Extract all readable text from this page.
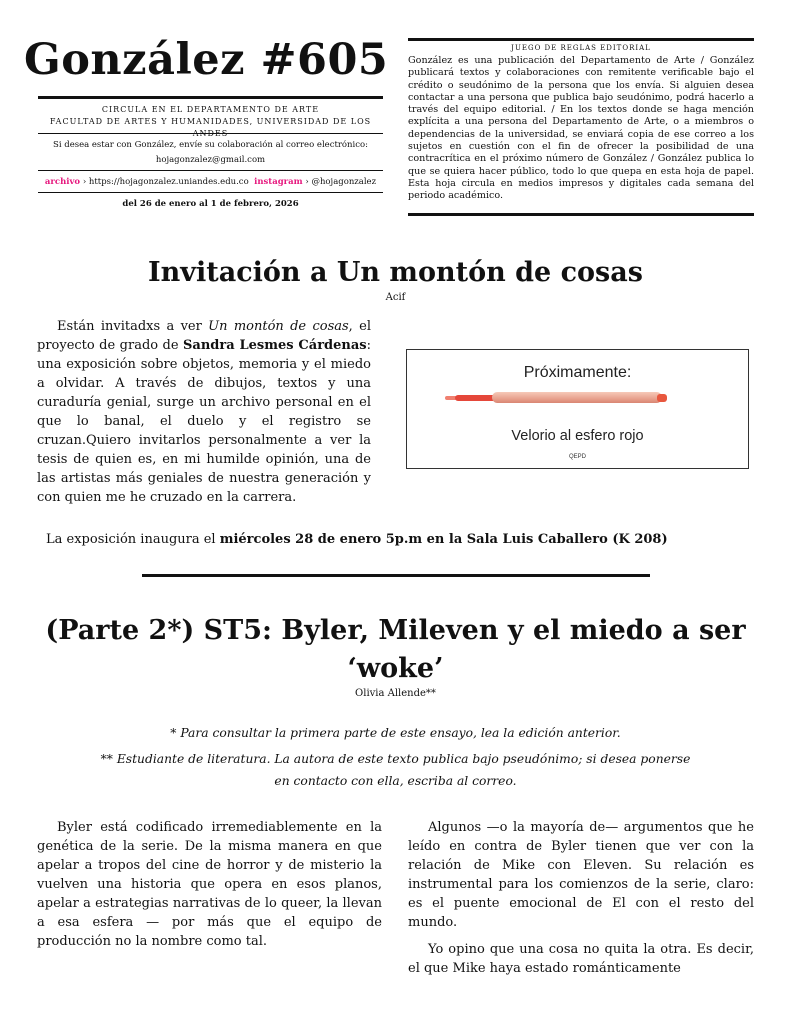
González #605
CIRCULA EN EL DEPARTAMENTO DE ARTE
FACULTAD DE ARTES Y HUMANIDADES, UNIVERSIDAD DE LOS
Si desea estar con González, envíe su colaboración al correo electrónico:
hojagonzalez@gmail.com
archivo › https://hojagonzalez.uniandes.edu.co instagram › @hojagonzalez
del 26 de enero al 1 de febrero, 2026
JUEGO DE REGLAS EDITORIAL
González es una publicación del Departamento de Arte / González publicará textos y colaboraciones con remitente verificable bajo el crédito o seudónimo de la persona que los envía. Si alguien desea contactar a una persona que publica bajo seudónimo, podrá hacerlo a través del equipo editorial. / En los textos donde se haga mención explícita a una persona del Departamento de Arte, o a miembros o dependencias de la universidad, se enviará copia de ese correo a los sujetos en cuestión con el fin de ofrecer la posibilidad de una contracrítica en el próximo número de González / González publica lo que se quiera hacer público, todo lo que quepa en esta hoja de papel. Esta hoja circula en medios impresos y digitales cada semana del periodo académico.
Invitación a Un montón de cosas
Acif

Están invitadxs a ver Un montón de cosas, el proyecto de grado de Sandra Lesmes Cárdenas: una exposición sobre objetos, memoria y el miedo a olvidar. A través de dibujos, textos y una curaduría genial, surge un archivo personal en el que lo banal, el duelo y el registro se cruzan.Quiero invitarlos personalmente a ver la tesis de quien es, en mi humilde opinión, una de las artistas más geniales de nuestra generación y con quien me he cruzado en la carrera.

Próximamente:
Velorio al esfero rojo
QEPD
La exposición inaugura el miércoles 28 de enero 5p.m en la Sala Luis Caballero (K 208)
(Parte 2*) ST5: Byler, Mileven y el miedo a ser ‘woke’
Olivia Allende**
* Para consultar la primera parte de este ensayo, lea la edición anterior.
** Estudiante de literatura. La autora de este texto publica bajo pseudónimo; si desea ponerse en contacto con ella, escriba al correo.

Byler está codificado irremediablemente en la genética de la serie. De la misma manera en que apelar a tropos del cine de horror y de misterio la vuelven una historia que opera en esos planos, apelar a estrategias narrativas de lo queer, la llevan a esa esfera — por más que el equipo de producción no la nombre como tal.

Algunos —o la mayoría de— argumentos que he leído en contra de Byler tienen que ver con la relación de Mike con Eleven. Su relación es instrumental para los comienzos de la serie, claro: es el puente emocional de El con el resto del mundo.

Yo opino que una cosa no quita la otra. Es decir, el que Mike haya estado románticamente
